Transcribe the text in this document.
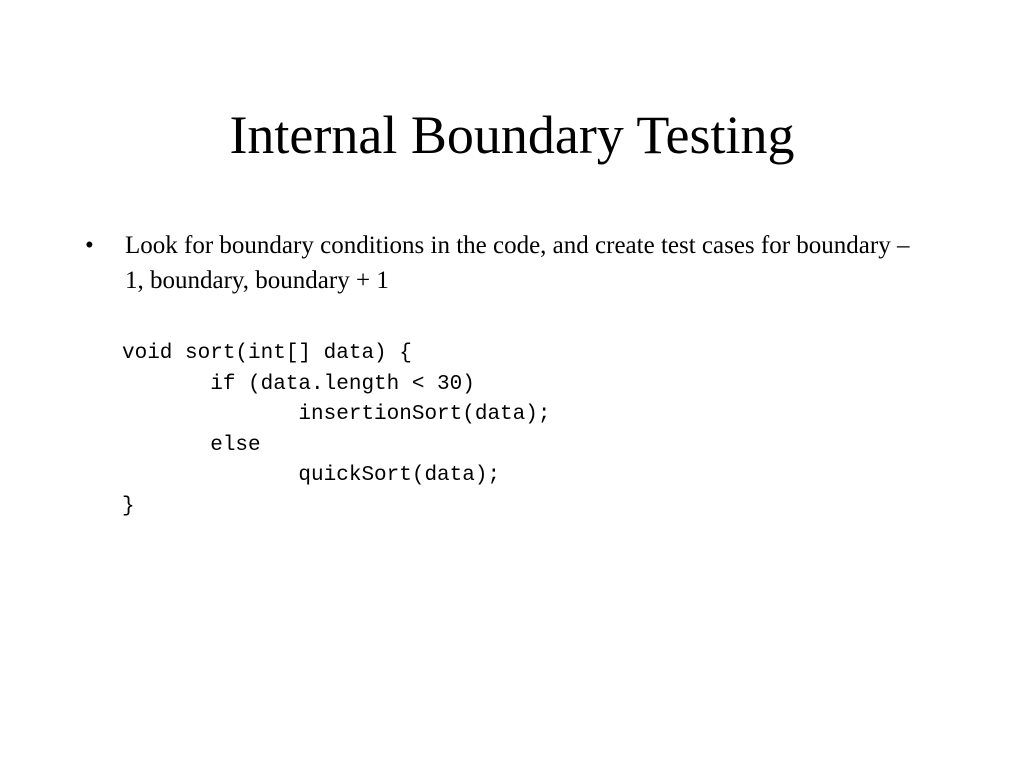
Internal Boundary Testing
•	Look for boundary conditions in the code, and create test cases for boundary – 1, boundary, boundary + 1
void sort(int[] data) {
if (data.length < 30)
insertionSort(data);
else
quickSort(data);
}
